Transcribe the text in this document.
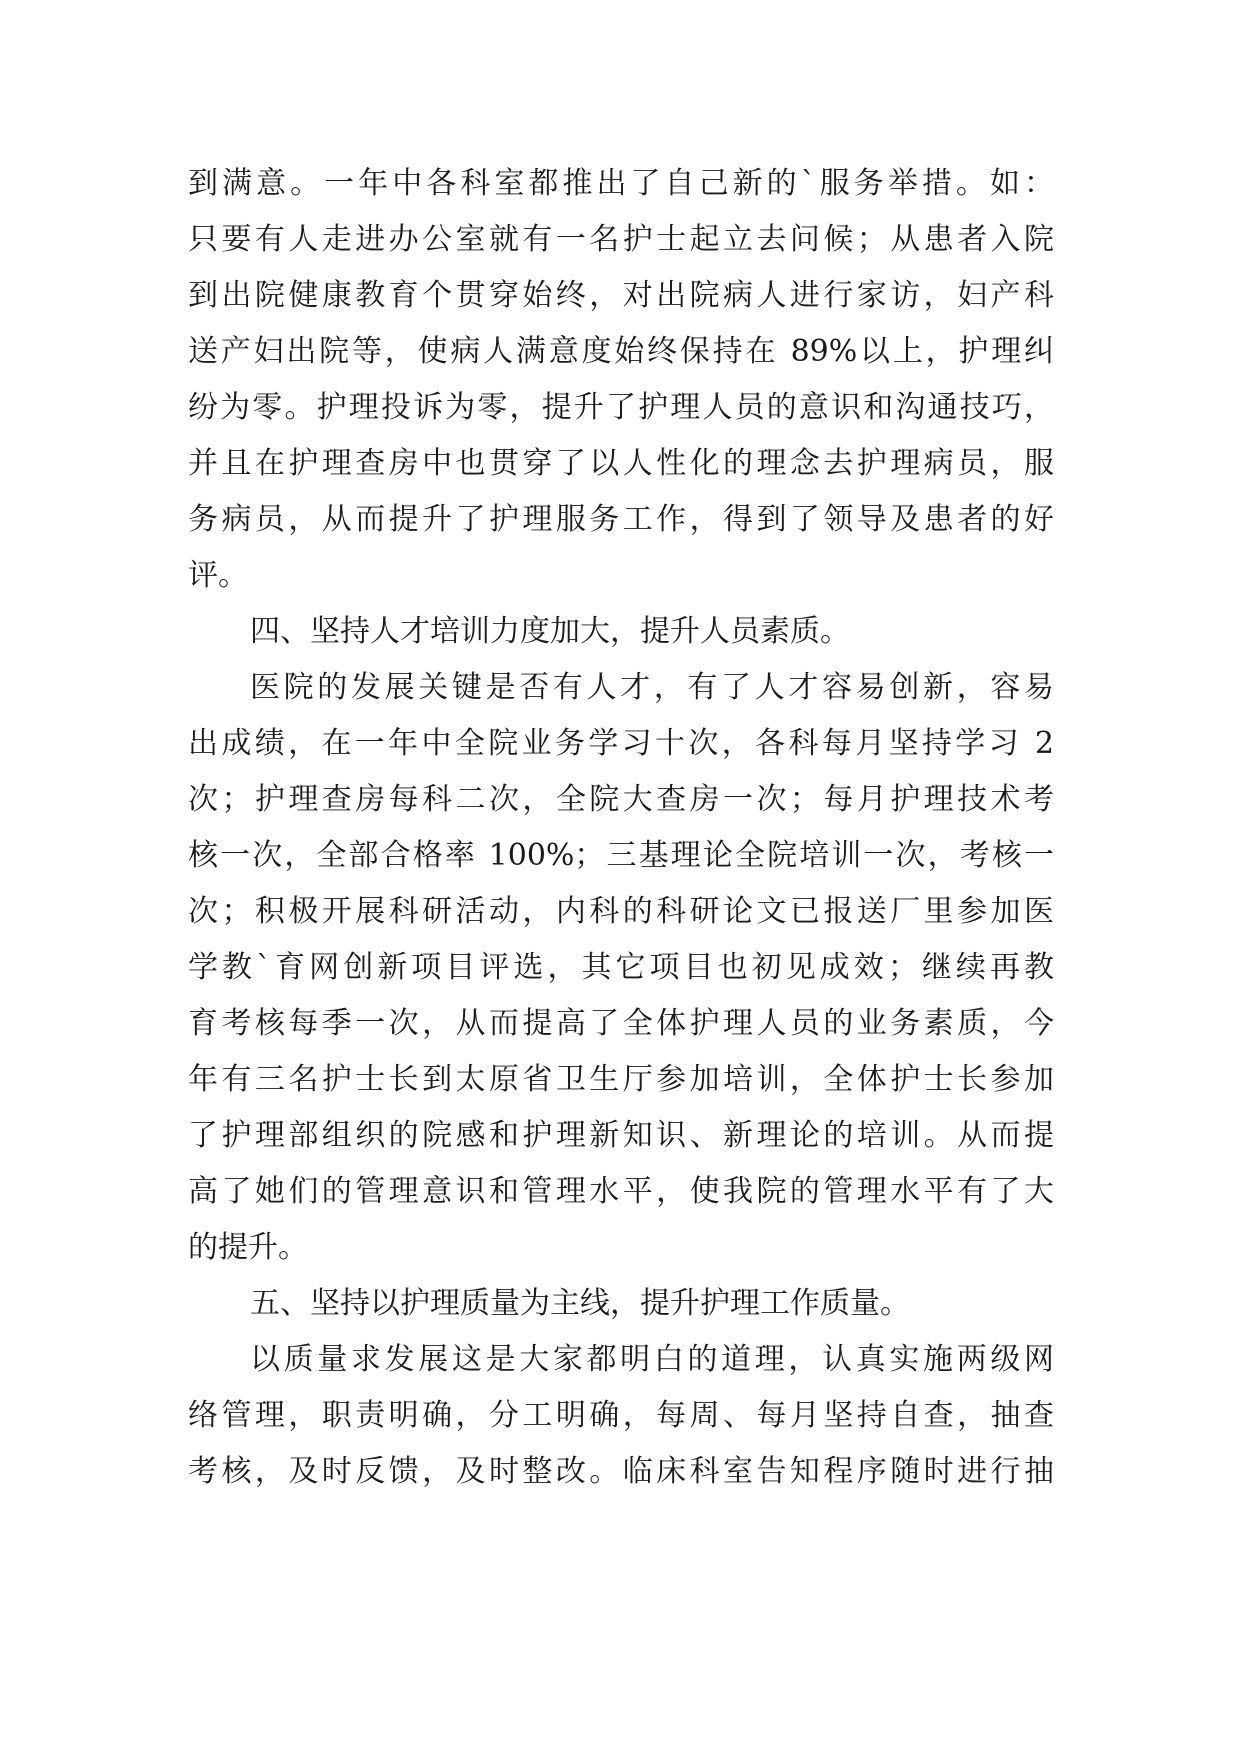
到满意。一年中各科室都推出了自己新的`服务举措。如：
只要有人走进办公室就有一名护士起立去问候；从患者入院
到出院健康教育个贯穿始终，对出院病人进行家访，妇产科
送产妇出院等，使病人满意度始终保持在 89%以上，护理纠
纷为零。护理投诉为零，提升了护理人员的意识和沟通技巧，
并且在护理查房中也贯穿了以人性化的理念去护理病员，服
务病员，从而提升了护理服务工作，得到了领导及患者的好
评。
四、坚持人才培训力度加大，提升人员素质。
医院的发展关键是否有人才，有了人才容易创新，容易
出成绩，在一年中全院业务学习十次，各科每月坚持学习 2
次；护理查房每科二次，全院大查房一次；每月护理技术考
核一次，全部合格率 100%；三基理论全院培训一次，考核一
次；积极开展科研活动，内科的科研论文已报送厂里参加医
学教`育网创新项目评选，其它项目也初见成效；继续再教
育考核每季一次，从而提高了全体护理人员的业务素质，今
年有三名护士长到太原省卫生厅参加培训，全体护士长参加
了护理部组织的院感和护理新知识、新理论的培训。从而提
高了她们的管理意识和管理水平，使我院的管理水平有了大
的提升。
五、坚持以护理质量为主线，提升护理工作质量。
以质量求发展这是大家都明白的道理，认真实施两级网
络管理，职责明确，分工明确，每周、每月坚持自查，抽查
考核，及时反馈，及时整改。临床科室告知程序随时进行抽
